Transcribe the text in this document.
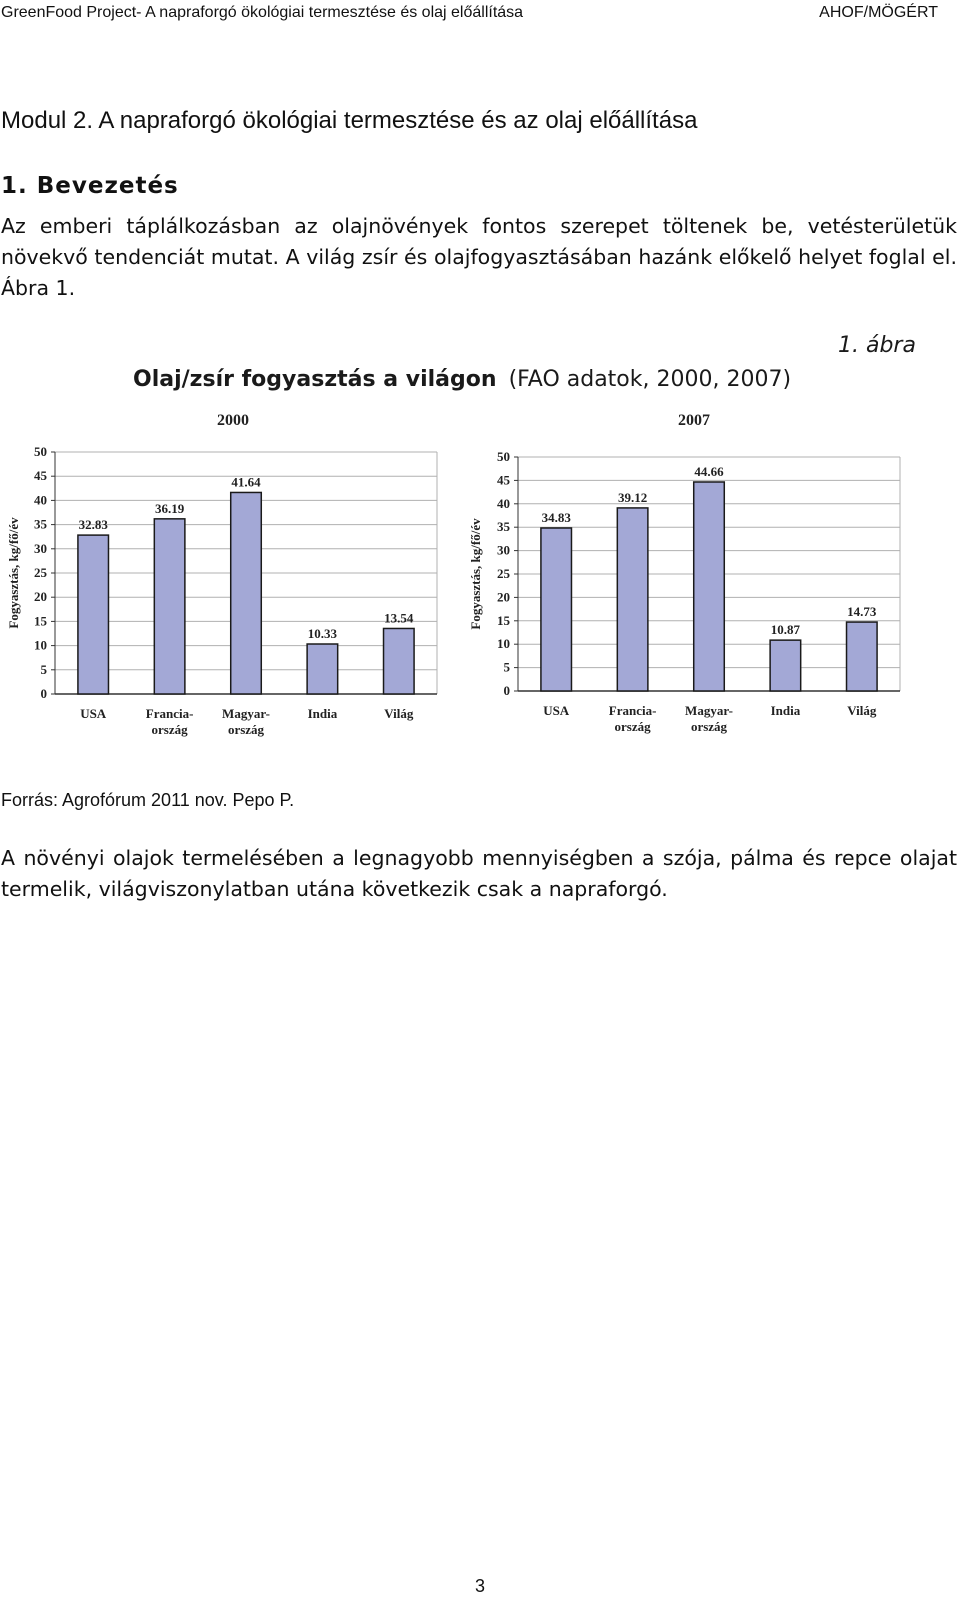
GreenFood Project- A napraforgó ökológiai termesztése és olaj előállítása	AHOF/MÖGÉRT
Modul 2. A napraforgó ökológiai termesztése és az olaj előállítása
1. Bevezetés
Az emberi táplálkozásban az olajnövények fontos szerepet töltenek be, vetésterületük növekvő tendenciát mutat. A világ zsír és olajfogyasztásában hazánk előkelő helyet foglal el. Ábra 1.
1. ábra
Olaj/zsír fogyasztás a világon (FAO adatok, 2000, 2007)
2000
Fogyasztás, kg/fő/év
0
5
10
15
20
25
30
35
40
45
50
32.83
USA
36.19
Francia-
ország
41.64
Magyar-
ország
10.33
India
13.54
Világ
2007
Fogyasztás, kg/fő/év
0
5
10
15
20
25
30
35
40
45
50
34.83
USA
39.12
Francia-
ország
44.66
Magyar-
ország
10.87
India
14.73
Világ
Forrás: Agrofórum 2011 nov. Pepo P.
A növényi olajok termelésében a legnagyobb mennyiségben a szója, pálma és repce olajat termelik, világviszonylatban utána következik csak a napraforgó.
3
